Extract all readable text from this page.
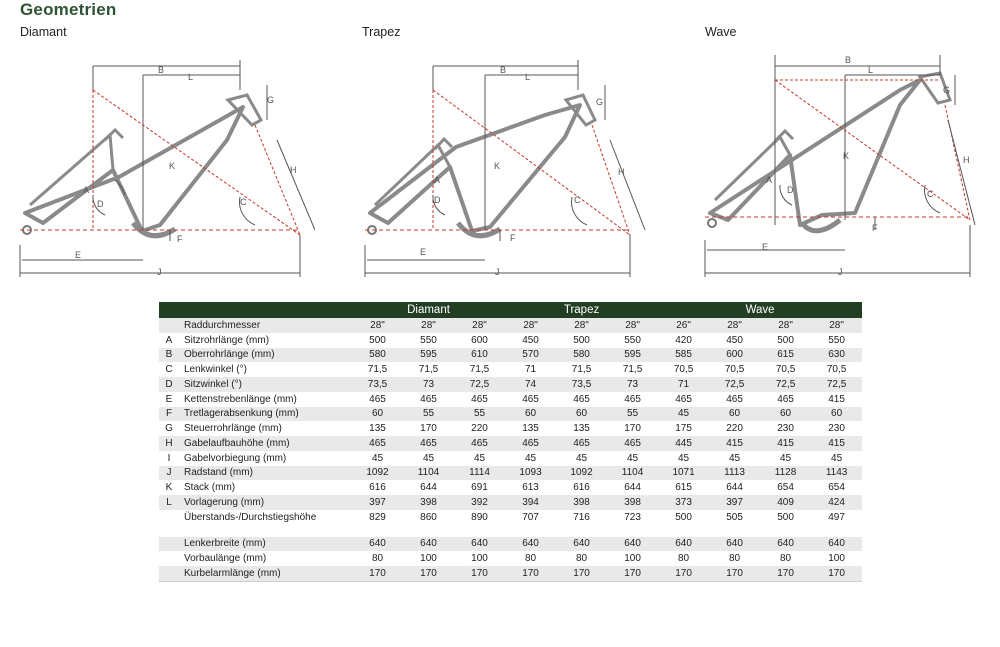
Geometrien
Diamant	Trapez	Wave
B
L
G
H
K
A
D	C
F
E
J
B
L
G
H
K
A
D	C
F
E
J
B
L
G
H
K
A
D	C
F
E
J
		Diamant			Trapez			Wave			
	Raddurchmesser	28"	28"	28"	28"	28"	28"	26"	28"	28"	28"
A	Sitzrohrlänge (mm)	500	550	600	450	500	550	420	450	500	550
B	Oberrohrlänge (mm)	580	595	610	570	580	595	585	600	615	630
C	Lenkwinkel (°)	71,5	71,5	71,5	71	71,5	71,5	70,5	70,5	70,5	70,5
D	Sitzwinkel (°)	73,5	73	72,5	74	73,5	73	71	72,5	72,5	72,5
E	Kettenstrebenlänge (mm)	465	465	465	465	465	465	465	465	465	415
F	Tretlagerabsenkung (mm)	60	55	55	60	60	55	45	60	60	60
G	Steuerrohrlänge (mm)	135	170	220	135	135	170	175	220	230	230
H	Gabelaufbauhöhe (mm)	465	465	465	465	465	465	445	415	415	415
I	Gabelvorbiegung (mm)	45	45	45	45	45	45	45	45	45	45
J	Radstand (mm)	1092	1104	1114	1093	1092	1104	1071	1113	1128	1143
K	Stack (mm)	616	644	691	613	616	644	615	644	654	654
L	Vorlagerung (mm)	397	398	392	394	398	398	373	397	409	424
	Überstands-/Durchstiegshöhe	829	860	890	707	716	723	500	505	500	497

	Lenkerbreite (mm)	640	640	640	640	640	640	640	640	640	640
	Vorbaulänge (mm)	80	100	100	80	80	100	80	80	80	100
	Kurbelarmlänge (mm)	170	170	170	170	170	170	170	170	170	170
